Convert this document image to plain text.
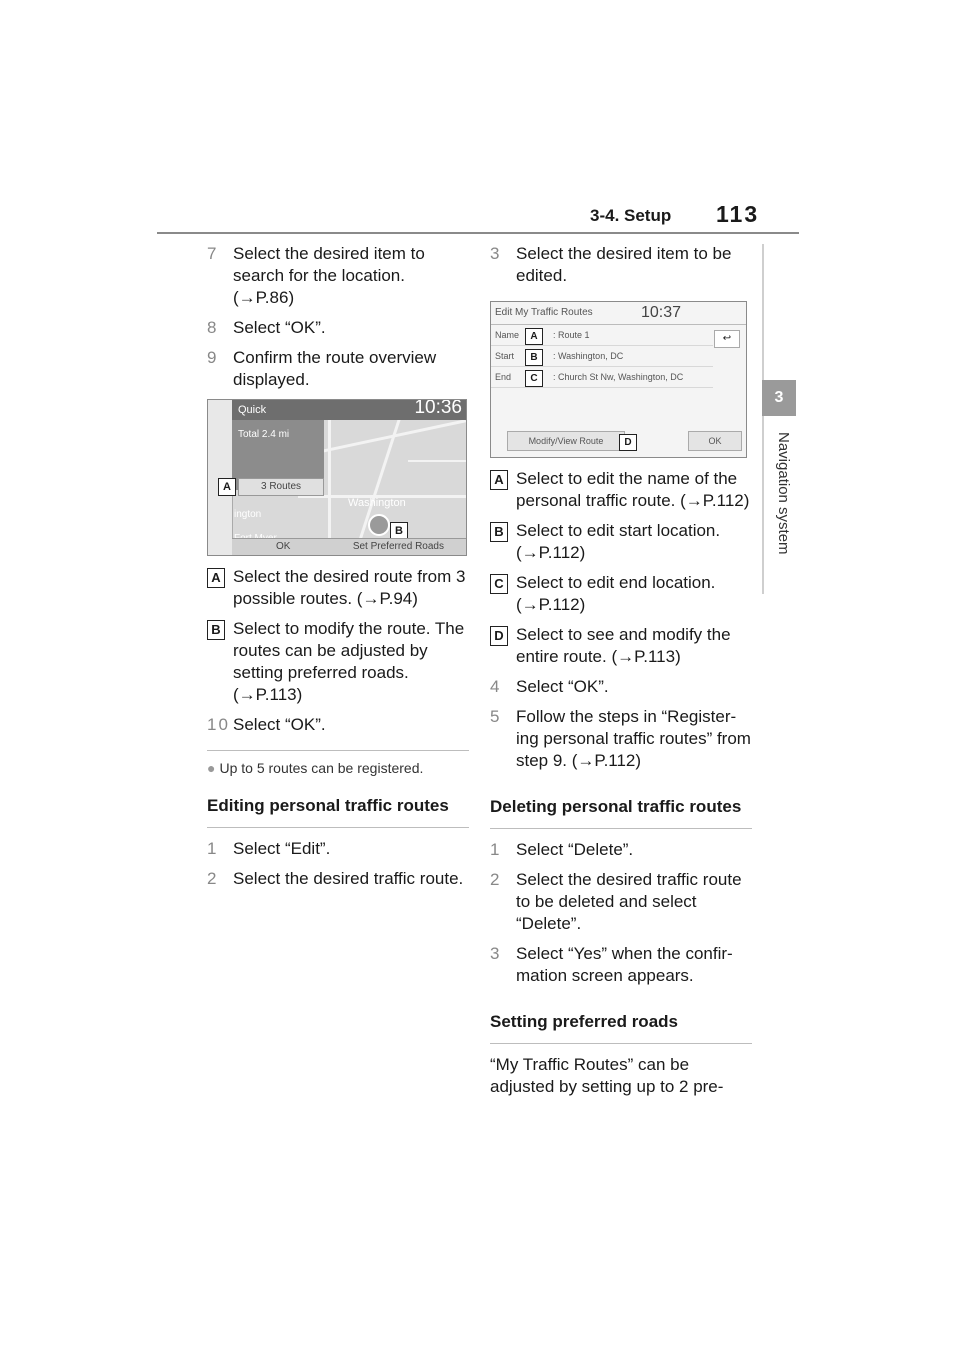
3-4. Setup 113
3
Navigation system
7 Select the desired item to search for the location. (→P.86)
8 Select “OK”.
9 Confirm the route overview displayed.
Quick	10:36
Total 2.4 mi
3 Routes
Washington
ington
A
B
OK	Set Preferred Roads
A Select the desired route from 3 possible routes. (→P.94)
B Select to modify the route. The routes can be adjusted by setting preferred roads. (→P.113)
10 Select “OK”.
● Up to 5 routes can be registered.
Editing personal traffic routes
1 Select “Edit”.
2 Select the desired traffic route.
3 Select the desired item to be edited.
Edit My Traffic Routes	10:37
↩
Name	: Route 1
Start	: Washington, DC
End	: Church St Nw, Washington, DC
A
B
C
Modify/View Route	D	OK
A Select to edit the name of the personal traffic route. (→P.112)
B Select to edit start location. (→P.112)
C Select to edit end location. (→P.112)
D Select to see and modify the entire route. (→P.113)
4 Select “OK”.
5 Follow the steps in “Register-ing personal traffic routes” from step 9. (→P.112)
Deleting personal traffic routes
1 Select “Delete”.
2 Select the desired traffic route to be deleted and select “Delete”.
3 Select “Yes” when the confir-mation screen appears.
Setting preferred roads
“My Traffic Routes” can be adjusted by setting up to 2 pre-
